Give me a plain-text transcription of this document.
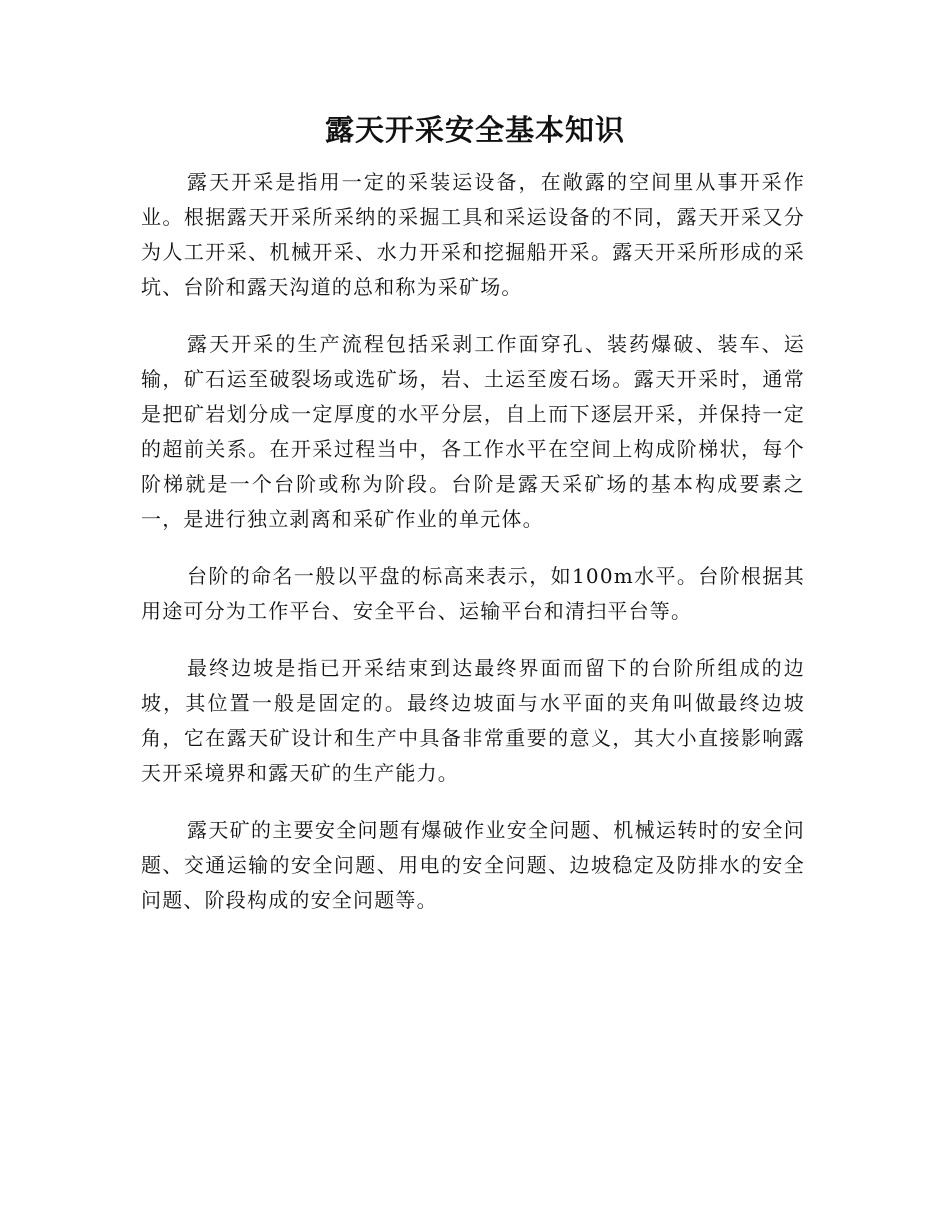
露天开采安全基本知识

露天开采是指用一定的采装运设备，在敞露的空间里从事开采作业。根据露天开采所采纳的采掘工具和采运设备的不同，露天开采又分为人工开采、机械开采、水力开采和挖掘船开采。露天开采所形成的采坑、台阶和露天沟道的总和称为采矿场。

露天开采的生产流程包括采剥工作面穿孔、装药爆破、装车、运输，矿石运至破裂场或选矿场，岩、土运至废石场。露天开采时，通常是把矿岩划分成一定厚度的水平分层，自上而下逐层开采，并保持一定的超前关系。在开采过程当中，各工作水平在空间上构成阶梯状，每个阶梯就是一个台阶或称为阶段。台阶是露天采矿场的基本构成要素之一，是进行独立剥离和采矿作业的单元体。

台阶的命名一般以平盘的标高来表示，如100m水平。台阶根据其用途可分为工作平台、安全平台、运输平台和清扫平台等。

最终边坡是指已开采结束到达最终界面而留下的台阶所组成的边坡，其位置一般是固定的。最终边坡面与水平面的夹角叫做最终边坡角，它在露天矿设计和生产中具备非常重要的意义，其大小直接影响露天开采境界和露天矿的生产能力。

露天矿的主要安全问题有爆破作业安全问题、机械运转时的安全问题、交通运输的安全问题、用电的安全问题、边坡稳定及防排水的安全问题、阶段构成的安全问题等。
